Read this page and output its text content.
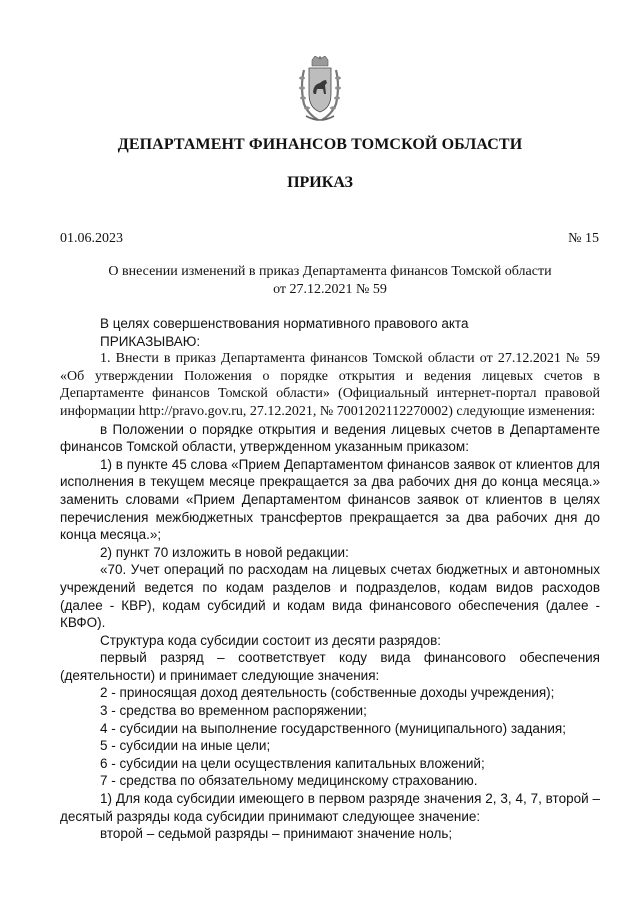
ДЕПАРТАМЕНТ ФИНАНСОВ ТОМСКОЙ ОБЛАСТИ
ПРИКАЗ
01.06.2023	№ 15
О внесении изменений в приказ Департамента финансов Томской области
от 27.12.2021 № 59

В целях совершенствования нормативного правового акта

ПРИКАЗЫВАЮ:

1. Внести в приказ Департамента финансов Томской области от 27.12.2021 № 59 «Об утверждении Положения о порядке открытия и ведения лицевых счетов в Департаменте финансов Томской области» (Официальный интернет-портал правовой информации http://pravo.gov.ru, 27.12.2021, № 7001202112270002) следующие изменения:

в Положении о порядке открытия и ведения лицевых счетов в Департаменте финансов Томской области, утвержденном указанным приказом:

1) в пункте 45 слова «Прием Департаментом финансов заявок от клиентов для исполнения в текущем месяце прекращается за два рабочих дня до конца месяца.» заменить словами «Прием Департаментом финансов заявок от клиентов в целях перечисления межбюджетных трансфертов прекращается за два рабочих дня до конца месяца.»;

2) пункт 70 изложить в новой редакции:

«70. Учет операций по расходам на лицевых счетах бюджетных и автономных учреждений ведется по кодам разделов и подразделов, кодам видов расходов (далее - КВР), кодам субсидий и кодам вида финансового обеспечения (далее - КВФО).

Структура кода субсидии состоит из десяти разрядов:

первый разряд – соответствует коду вида финансового обеспечения (деятельности) и принимает следующие значения:

2 - приносящая доход деятельность (собственные доходы учреждения);

3 - средства во временном распоряжении;

4 - субсидии на выполнение государственного (муниципального) задания;

5 - субсидии на иные цели;

6 - субсидии на цели осуществления капитальных вложений;

7 - средства по обязательному медицинскому страхованию.

1) Для кода субсидии имеющего в первом разряде значения 2, 3, 4, 7, второй – десятый разряды кода субсидии принимают следующее значение:

второй – седьмой разряды – принимают значение ноль;
